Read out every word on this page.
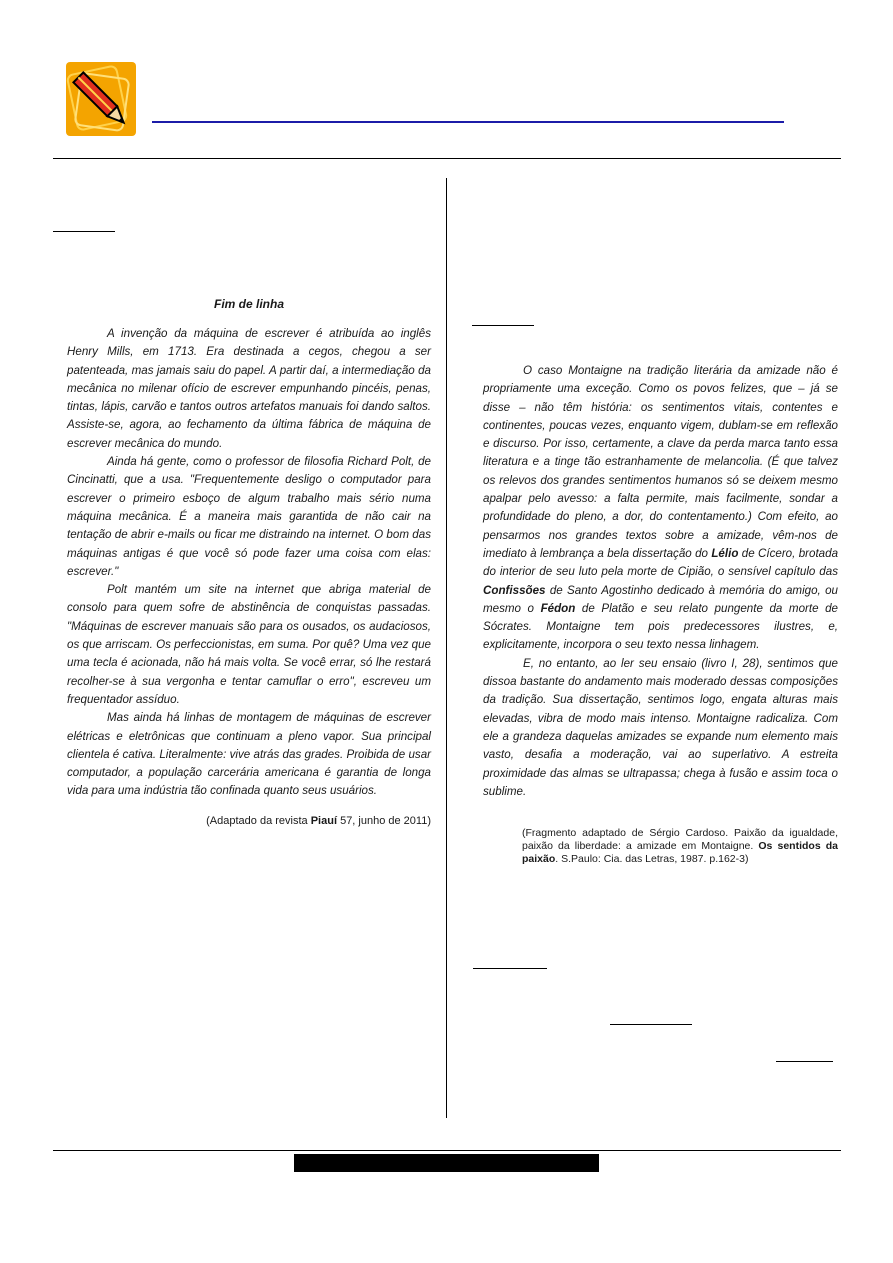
Fim de linha

A invenção da máquina de escrever é atribuída ao inglês Henry Mills, em 1713. Era destinada a cegos, chegou a ser patenteada, mas jamais saiu do papel. A partir daí, a intermediação da mecânica no milenar ofício de escrever empunhando pincéis, penas, tintas, lápis, carvão e tantos outros artefatos manuais foi dando saltos. Assiste-se, agora, ao fechamento da última fábrica de máquina de escrever mecânica do mundo.

Ainda há gente, como o professor de filosofia Richard Polt, de Cincinatti, que a usa. "Frequentemente desligo o computador para escrever o primeiro esboço de algum trabalho mais sério numa máquina mecânica. É a maneira mais garantida de não cair na tentação de abrir e-mails ou ficar me distraindo na internet. O bom das máquinas antigas é que você só pode fazer uma coisa com elas: escrever."

Polt mantém um site na internet que abriga material de consolo para quem sofre de abstinência de conquistas passadas. "Máquinas de escrever manuais são para os ousados, os audaciosos, os que arriscam. Os perfeccionistas, em suma. Por quê? Uma vez que uma tecla é acionada, não há mais volta. Se você errar, só lhe restará recolher-se à sua vergonha e tentar camuflar o erro", escreveu um frequentador assíduo.

Mas ainda há linhas de montagem de máquinas de escrever elétricas e eletrônicas que continuam a pleno vapor. Sua principal clientela é cativa. Literalmente: vive atrás das grades. Proibida de usar computador, a população carcerária americana é garantia de longa vida para uma indústria tão confinada quanto seus usuários.

(Adaptado da revista Piauí 57, junho de 2011)

O caso Montaigne na tradição literária da amizade não é propriamente uma exceção. Como os povos felizes, que – já se disse – não têm história: os sentimentos vitais, contentes e continentes, poucas vezes, enquanto vigem, dublam-se em reflexão e discurso. Por isso, certamente, a clave da perda marca tanto essa literatura e a tinge tão estranhamente de melancolia. (É que talvez os relevos dos grandes sentimentos humanos só se deixem mesmo apalpar pelo avesso: a falta permite, mais facilmente, sondar a profundidade do pleno, a dor, do contentamento.) Com efeito, ao pensarmos nos grandes textos sobre a amizade, vêm-nos de imediato à lembrança a bela dissertação do Lélio de Cícero, brotada do interior de seu luto pela morte de Cipião, o sensível capítulo das Confissões de Santo Agostinho dedicado à memória do amigo, ou mesmo o Fédon de Platão e seu relato pungente da morte de Sócrates. Montaigne tem pois predecessores ilustres, e, explicitamente, incorpora o seu texto nessa linhagem.

E, no entanto, ao ler seu ensaio (livro I, 28), sentimos que dissoa bastante do andamento mais moderado dessas composições da tradição. Sua dissertação, sentimos logo, engata alturas mais elevadas, vibra de modo mais intenso. Montaigne radicaliza. Com ele a grandeza daquelas amizades se expande num elemento mais vasto, desafia a moderação, vai ao superlativo. A estreita proximidade das almas se ultrapassa; chega à fusão e assim toca o sublime.

(Fragmento adaptado de Sérgio Cardoso. Paixão da igualdade, paixão da liberdade: a amizade em Montaigne. Os sentidos da paixão. S.Paulo: Cia. das Letras, 1987. p.162-3)
